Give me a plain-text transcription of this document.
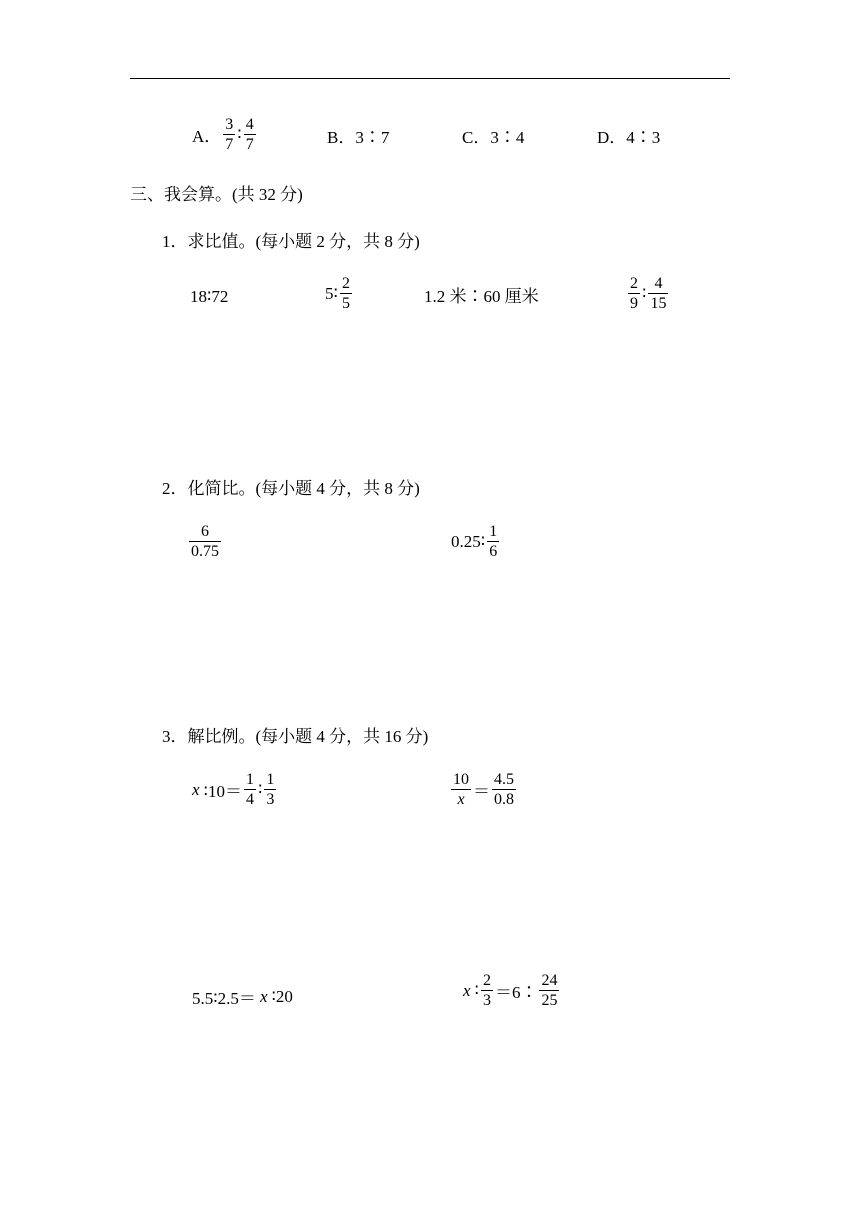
A． $\frac{3}{7}$ ∶ $\frac{4}{7}$	B．3∶7	C．3∶4	D．4∶3
三、我会算。(共 32 分)
1．求比值。(每小题 2 分，共 8 分)
18∶72	5∶ $\frac{2}{5}$	1.2 米∶60 厘米	$\frac{2}{9}$ ∶ $\frac{4}{15}$
2．化简比。(每小题 4 分，共 8 分)
$\frac{6}{0.75}$	0.25∶ $\frac{1}{6}$
3．解比例。(每小题 4 分，共 16 分)
x ∶10＝ $\frac{1}{4}$ ∶ $\frac{1}{3}$	$\frac{10}{x} = \frac{4.5}{0.8}$
5.5∶2.5＝ x ∶20	x ∶ $\frac{2}{3}$ ＝6∶ $\frac{24}{25}$
